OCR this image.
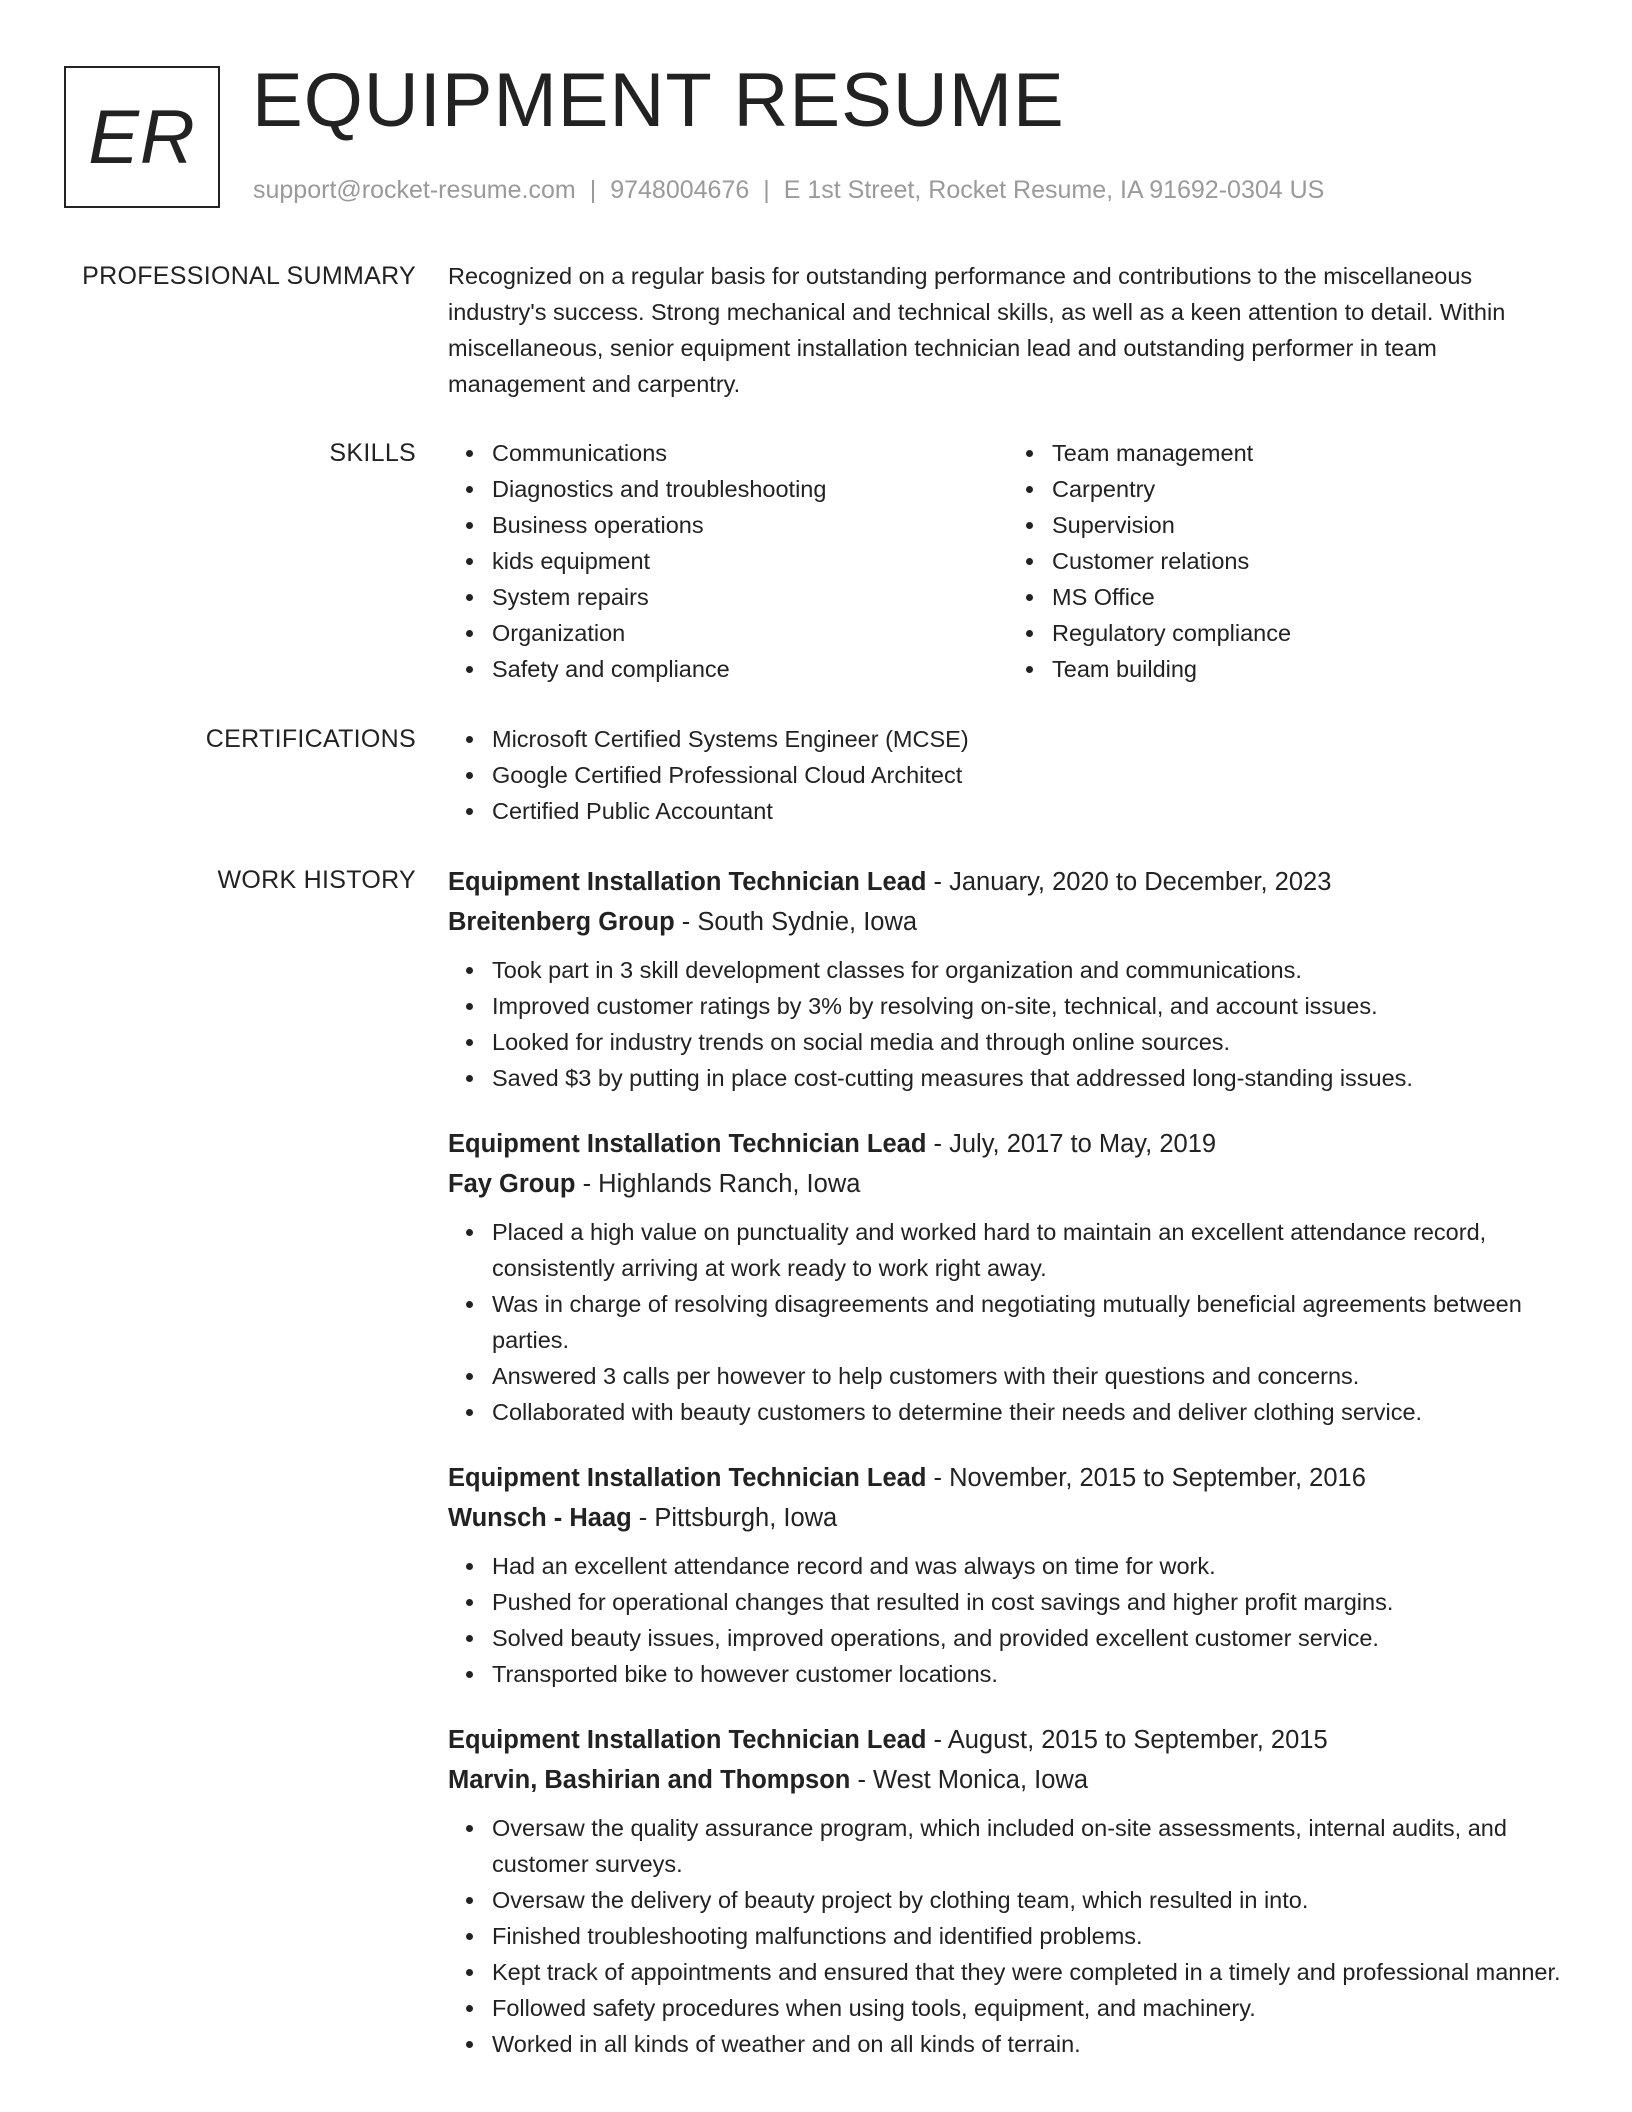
ER EQUIPMENT RESUME
support@rocket-resume.com | 9748004676 | E 1st Street, Rocket Resume, IA 91692-0304 US
PROFESSIONAL SUMMARY Recognized on a regular basis for outstanding performance and contributions to the miscellaneous industry's success. Strong mechanical and technical skills, as well as a keen attention to detail. Within miscellaneous, senior equipment installation technician lead and outstanding performer in team management and carpentry.

SKILLS	Communications
Diagnostics and troubleshooting
Business operations
kids equipment
System repairs
Organization
Safety and compliance
Team management
Carpentry
Supervision
Customer relations
MS Office
Regulatory compliance
Team building
CERTIFICATIONS	Microsoft Certified Systems Engineer (MCSE)
Google Certified Professional Cloud Architect
Certified Public Accountant
WORK HISTORY Equipment Installation Technician Lead - January, 2020 to December, 2023
Breitenberg Group - South Sydnie, Iowa
Took part in 3 skill development classes for organization and communications.
Improved customer ratings by 3% by resolving on-site, technical, and account issues.
Looked for industry trends on social media and through online sources.
Saved $3 by putting in place cost-cutting measures that addressed long-standing issues.
Equipment Installation Technician Lead - July, 2017 to May, 2019
Fay Group - Highlands Ranch, Iowa
Placed a high value on punctuality and worked hard to maintain an excellent attendance record, consistently arriving at work ready to work right away.
Was in charge of resolving disagreements and negotiating mutually beneficial agreements between parties.
Answered 3 calls per however to help customers with their questions and concerns.
Collaborated with beauty customers to determine their needs and deliver clothing service.
Equipment Installation Technician Lead - November, 2015 to September, 2016
Wunsch - Haag - Pittsburgh, Iowa
Had an excellent attendance record and was always on time for work.
Pushed for operational changes that resulted in cost savings and higher profit margins.
Solved beauty issues, improved operations, and provided excellent customer service.
Transported bike to however customer locations.
Equipment Installation Technician Lead - August, 2015 to September, 2015
Marvin, Bashirian and Thompson - West Monica, Iowa
Oversaw the quality assurance program, which included on-site assessments, internal audits, and customer surveys.
Oversaw the delivery of beauty project by clothing team, which resulted in into.
Finished troubleshooting malfunctions and identified problems.
Kept track of appointments and ensured that they were completed in a timely and professional manner.
Followed safety procedures when using tools, equipment, and machinery.
Worked in all kinds of weather and on all kinds of terrain.
